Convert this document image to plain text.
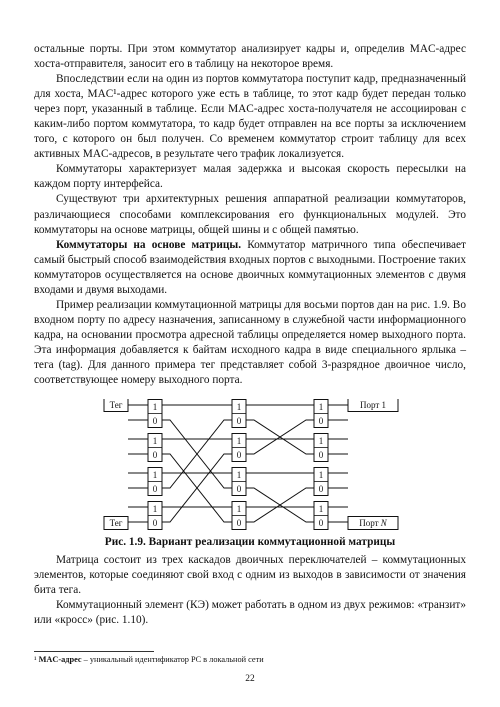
остальные порты. При этом коммутатор анализирует кадры и, определив MAC-адрес хоста-отправителя, заносит его в таблицу на некоторое время.

Впоследствии если на один из портов коммутатора поступит кадр, предназначенный для хоста, MAC¹-адрес которого уже есть в таблице, то этот кадр будет передан только через порт, указанный в таблице. Если MAC-адрес хоста-получателя не ассоциирован с каким-либо портом коммутатора, то кадр будет отправлен на все порты за исключением того, с которого он был получен. Со временем коммутатор строит таблицу для всех активных MAC-адресов, в результате чего трафик локализуется.

Коммутаторы характеризует малая задержка и высокая скорость пересылки на каждом порту интерфейса.

Существуют три архитектурных решения аппаратной реализации коммутаторов, различающиеся способами комплексирования его функциональных модулей. Это коммутаторы на основе матрицы, общей шины и с общей памятью.

Коммутаторы на основе матрицы. Коммутатор матричного типа обеспечивает самый быстрый способ взаимодействия входных портов с выходными. Построение таких коммутаторов осуществляется на основе двоичных коммутационных элементов с двумя входами и двумя выходами.

Пример реализации коммутационной матрицы для восьми портов дан на рис. 1.9. Во входном порту по адресу назначения, записанному в служебной части информационного кадра, на основании просмотра адресной таблицы определяется номер выходного порта. Эта информация добавляется к байтам исходного кадра в виде специального ярлыка – тега (tag). Для данного примера тег представляет собой 3-разрядное двоичное число, соответствующее номеру выходного порта.

1
0
1
0
1
0
1
0
1
0
1
0
1
0
1
0
1
0
1
0
1
0
1
0
Тег
Тег
Порт 1
Порт N
Рис. 1.9. Вариант реализации коммутационной матрицы

Матрица состоит из трех каскадов двоичных переключателей – коммутационных элементов, которые соединяют свой вход с одним из выходов в зависимости от значения бита тега.

Коммутационный элемент (КЭ) может работать в одном из двух режимов: «транзит» или «кросс» (рис. 1.10).

¹ MAC-адрес – уникальный идентификатор PC в локальной сети
22
